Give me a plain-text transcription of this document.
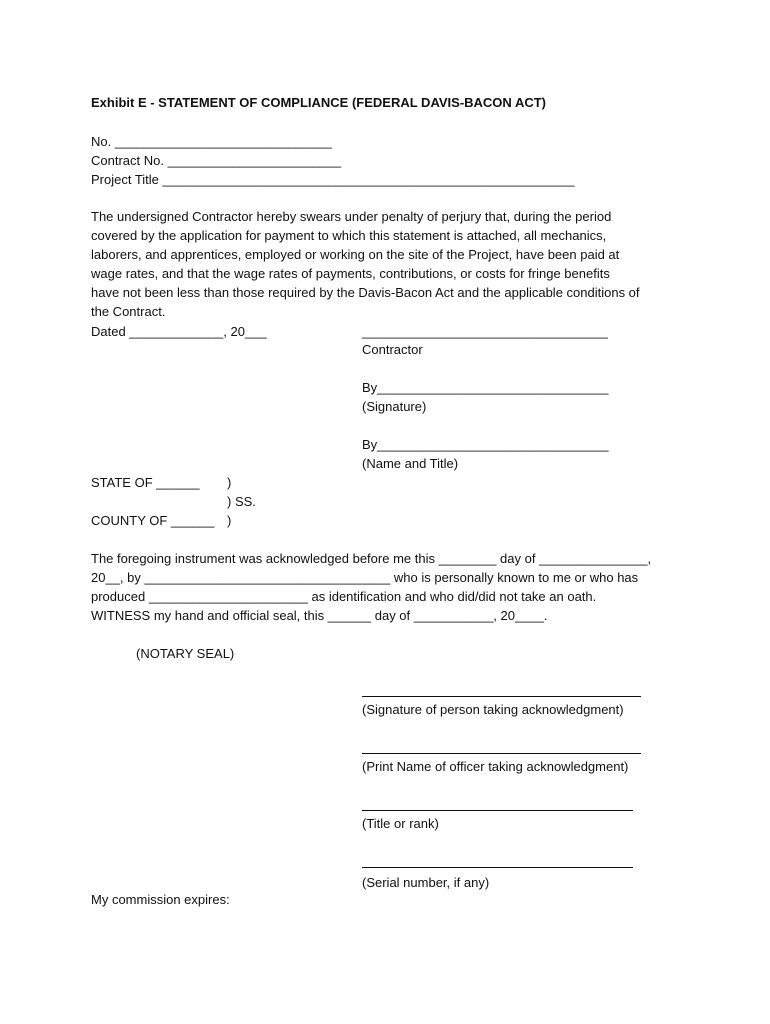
Exhibit E - STATEMENT OF COMPLIANCE (FEDERAL DAVIS-BACON ACT)
No. ______________________________
Contract No. ________________________
Project Title _________________________________________________________
The undersigned Contractor hereby swears under penalty of perjury that, during the period
covered by the application for payment to which this statement is attached, all mechanics,
laborers, and apprentices, employed or working on the site of the Project, have been paid at
wage rates, and that the wage rates of payments, contributions, or costs for fringe benefits
have not been less than those required by the Davis-Bacon Act and the applicable conditions of
the Contract.
Dated _____________, 20___	__________________________________
Contractor
By________________________________
(Signature)
By________________________________
(Name and Title)
STATE OF ______ )
) SS.
COUNTY OF ______ )
The foregoing instrument was acknowledged before me this ________ day of _______________,
20__, by __________________________________ who is personally known to me or who has
produced ______________________ as identification and who did/did not take an oath.
WITNESS my hand and official seal, this ______ day of ___________, 20____.
(NOTARY SEAL)
(Signature of person taking acknowledgment)
(Print Name of officer taking acknowledgment)
(Title or rank)
(Serial number, if any)
My commission expires:
